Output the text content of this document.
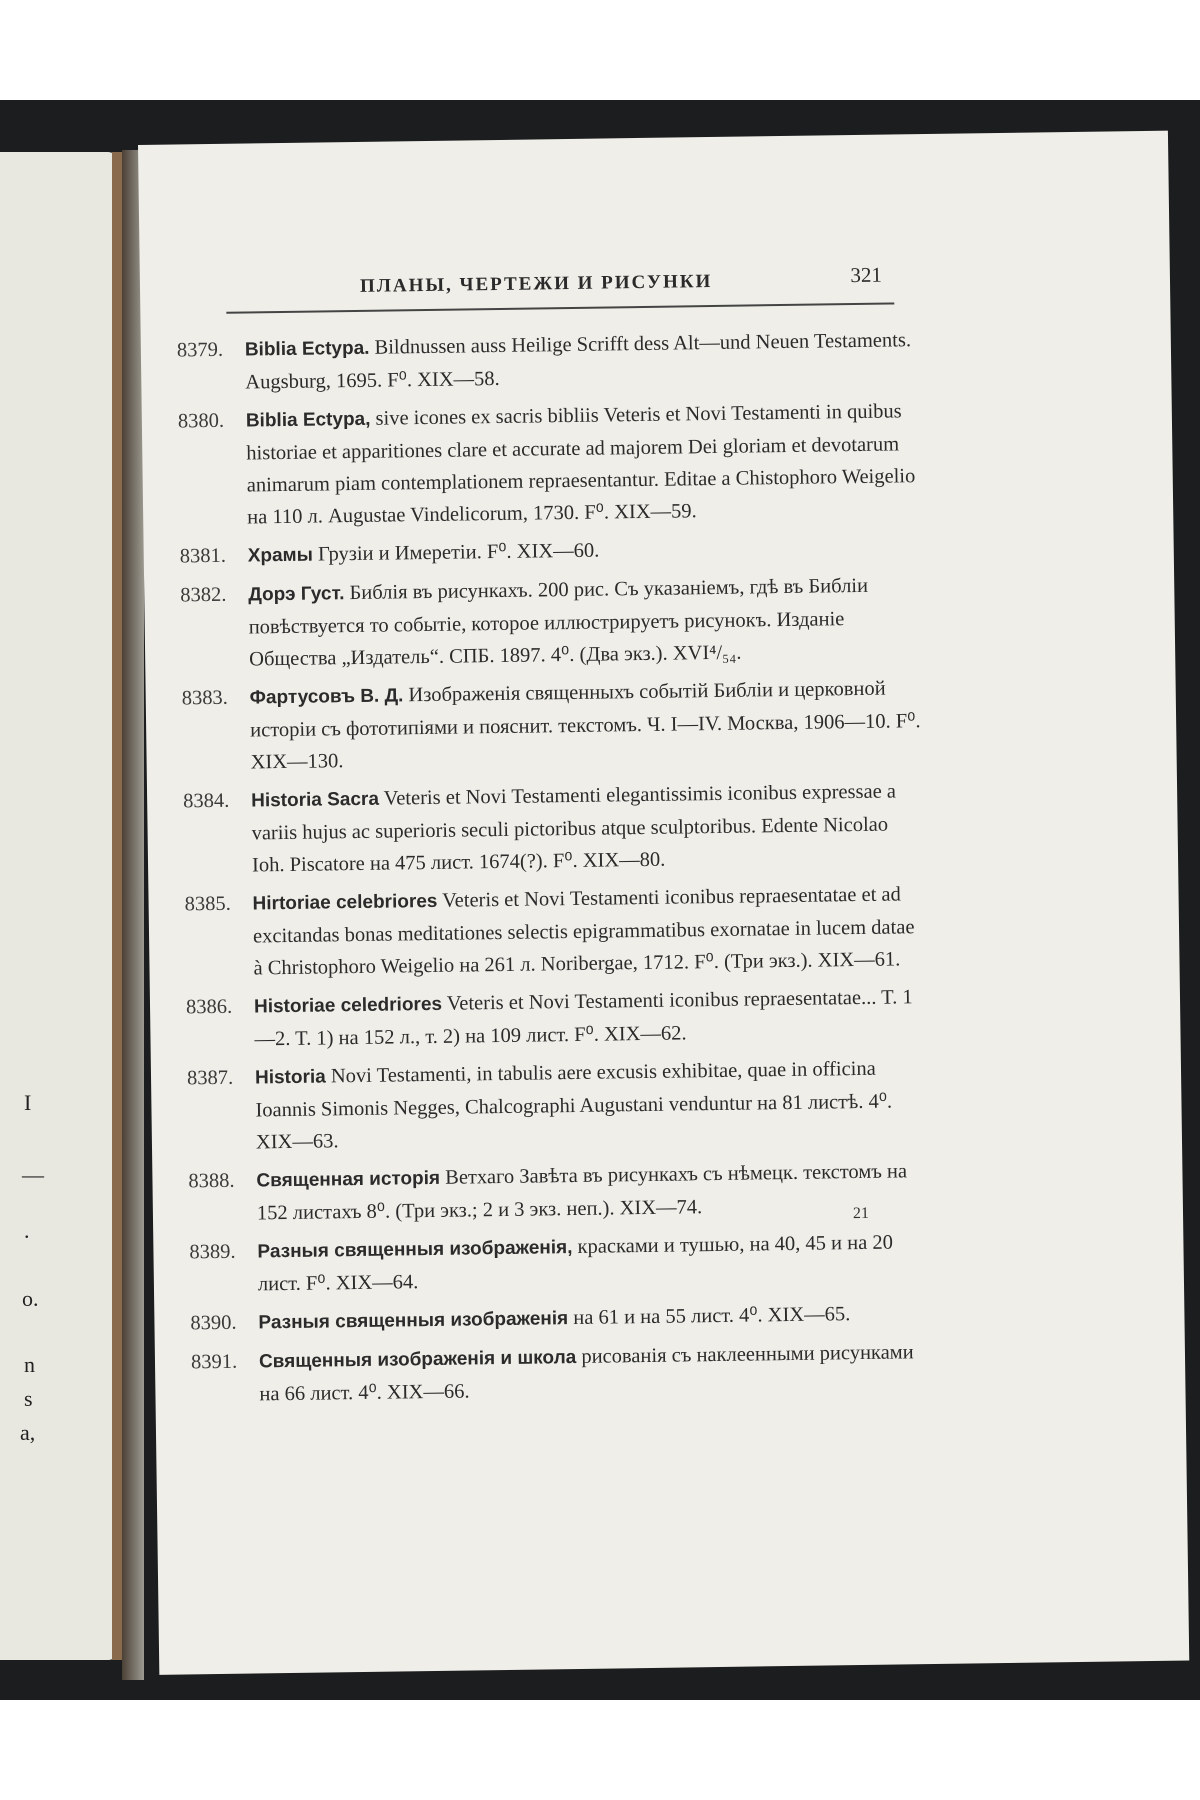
I
—
.
o.
n
s
a,
ПЛАНЫ, ЧЕРТЕЖИ И РИСУНКИ	321
8379.	Biblia Ectypa. Bildnussen auss Heilige Scrifft dess Alt—und Neuen Testaments. Augsburg, 1695. F⁰. XIX—58.
8380.	Biblia Ectypa, sive icones ex sacris bibliis Veteris et Novi Testamenti in quibus historiae et apparitiones clare et accurate ad majorem Dei gloriam et devotarum animarum piam contemplationem repraesentantur. Editae a Chistophoro Weigelio на 110 л. Augustae Vindelicorum, 1730. F⁰. XIX—59.
8381.	Храмы Грузiи и Имеретiи. F⁰. XIX—60.
8382.	Дорэ Густ. Библiя въ рисункахъ. 200 рис. Съ указанiемъ, гдѣ въ Библiи повѣствуется то событiе, которое иллюстрируетъ рисунокъ. Изданiе Общества „Издатель“. СПБ. 1897. 4⁰. (Два экз.). XVI⁴/₅₄.
8383.	Фартусовъ В. Д. Изображенiя священныхъ событiй Библiи и церковной исторiи съ фототипiями и пояснит. текстомъ. Ч. I—IV. Москва, 1906—10. F⁰. XIX—130.
8384.	Historia Sacra Veteris et Novi Testamenti elegantissimis iconibus expressae a variis hujus ac superioris seculi pictoribus atque sculptoribus. Edente Nicolao Ioh. Piscatore на 475 лист. 1674(?). F⁰. XIX—80.
8385.	Hirtoriae celebriores Veteris et Novi Testamenti iconibus repraesentatae et ad excitandas bonas meditationes selectis epigrammatibus exornatae in lucem datae à Christophoro Weigelio на 261 л. Noribergae, 1712. F⁰. (Три экз.). XIX—61.
8386.	Historiae celedriores Veteris et Novi Testamenti iconibus repraesentatae... T. 1—2. T. 1) на 152 л., т. 2) на 109 лист. F⁰. XIX—62.
8387.	Historia Novi Testamenti, in tabulis aere excusis exhibitae, quae in officina Ioannis Simonis Negges, Chalcographi Augustani venduntur на 81 листѣ. 4⁰. XIX—63.
8388.	Священная исторія Ветхаго Завѣта въ рисункахъ съ нѣмецк. текстомъ на 152 листахъ 8⁰. (Три экз.; 2 и 3 экз. неп.). XIX—74.
8389.	Разныя священныя изображенія, красками и тушью, на 40, 45 и на 20 лист. F⁰. XIX—64.
8390.	Разныя священныя изображенія на 61 и на 55 лист. 4⁰. XIX—65.
8391.	Священныя изображенія и школа рисованія съ наклеенными рисунками на 66 лист. 4⁰. XIX—66.
21
